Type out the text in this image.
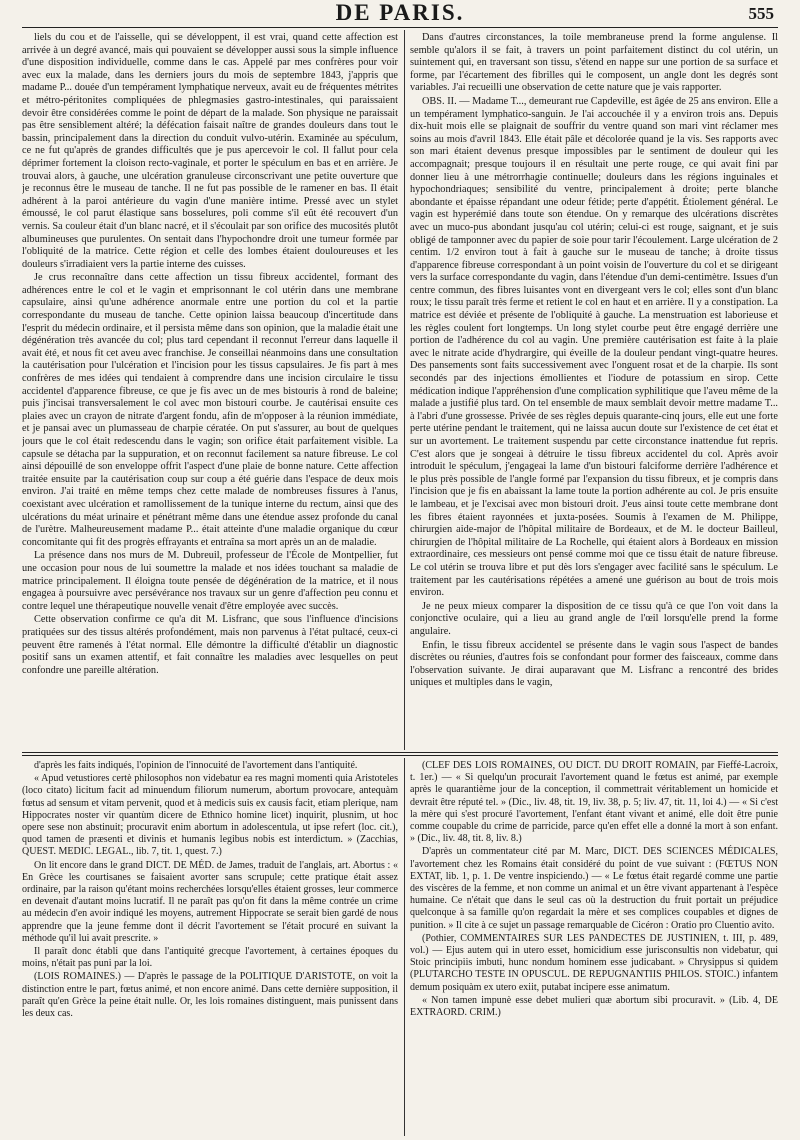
DE PARIS.	555

liels du cou et de l'aisselle, qui se développent, il est vrai, quand cette affection est arrivée à un degré avancé, mais qui pouvaient se développer aussi sous la simple influence d'une disposition individuelle, comme dans le cas. Appelé par mes confrères pour voir avec eux la malade, dans les derniers jours du mois de septembre 1843, j'appris que madame P... douée d'un tempérament lymphatique nerveux, avait eu de fréquentes métrites et métro-péritonites compliquées de phlegmasies gastro-intestinales, qui paraissaient devoir être considérées comme le point de départ de la malade. Son physique ne paraissait pas être sensiblement altéré; la défécation faisait naître de grandes douleurs dans tout le bassin, principalement dans la direction du conduit vulvo-utérin. Examinée au spéculum, ce ne fut qu'après de grandes difficultés que je pus apercevoir le col. Il fallut pour cela déprimer fortement la cloison recto-vaginale, et porter le spéculum en bas et en arrière. Je trouvai alors, à gauche, une ulcération granuleuse circonscrivant une petite ouverture que je reconnus être le museau de tanche. Il ne fut pas possible de le ramener en bas. Il était adhérent à la paroi antérieure du vagin d'une manière intime. Pressé avec un stylet émoussé, le col parut élastique sans bosselures, poli comme s'il eût été recouvert d'un vernis. Sa couleur était d'un blanc nacré, et il s'écoulait par son orifice des mucosités plutôt albumineuses que purulentes. On sentait dans l'hypochondre droit une tumeur formée par l'obliquité de la matrice. Cette région et celle des lombes étaient douloureuses et les douleurs s'irradiaient vers la partie interne des cuisses.

Je crus reconnaître dans cette affection un tissu fibreux accidentel, formant des adhérences entre le col et le vagin et emprisonnant le col utérin dans une membrane capsulaire, ainsi qu'une adhérence anormale entre une portion du col et la partie correspondante du museau de tanche. Cette opinion laissa beaucoup d'incertitude dans l'esprit du médecin ordinaire, et il persista même dans son opinion, que la maladie était une dégénération très avancée du col; plus tard cependant il reconnut l'erreur dans laquelle il avait été, et nous fit cet aveu avec franchise. Je conseillai néanmoins dans une consultation la cautérisation pour l'ulcération et l'incision pour les tissus capsulaires. Je fis part à mes confrères de mes idées qui tendaient à comprendre dans une incision circulaire le tissu accidentel d'apparence fibreuse, ce que je fis avec un de mes bistouris à rond de baleine; puis j'incisai transversalement le col avec mon bistouri courbe. Je cautérisai ensuite ces plaies avec un crayon de nitrate d'argent fondu, afin de m'opposer à la réunion immédiate, et je pansai avec un plumasseau de charpie cératée. On put s'assurer, au bout de quelques jours que le col était redescendu dans le vagin; son orifice était parfaitement visible. La capsule se détacha par la suppuration, et on reconnut facilement sa nature fibreuse. Le col ainsi dépouillé de son enveloppe offrit l'aspect d'une plaie de bonne nature. Cette affection traitée ensuite par la cautérisation coup sur coup a été guérie dans l'espace de deux mois environ. J'ai traité en même temps chez cette malade de nombreuses fissures à l'anus, coexistant avec ulcération et ramollissement de la tunique interne du rectum, ainsi que des ulcérations du méat urinaire et pénétrant même dans une étendue assez profonde du canal de l'urètre. Malheureusement madame P... était atteinte d'une maladie organique du cœur concomitante qui fit des progrès effrayants et entraîna sa mort après un an de maladie.

La présence dans nos murs de M. Dubreuil, professeur de l'École de Montpellier, fut une occasion pour nous de lui soumettre la malade et nos idées touchant sa maladie de matrice principalement. Il éloigna toute pensée de dégénération de la matrice, et il nous engagea à poursuivre avec persévérance nos travaux sur un genre d'affection peu connu et contre lequel une thérapeutique nouvelle venait d'être employée avec succès.

Cette observation confirme ce qu'a dit M. Lisfranc, que sous l'influence d'incisions pratiquées sur des tissus altérés profondément, mais non parvenus à l'état pultacé, ceux-ci peuvent être ramenés à l'état normal. Elle démontre la difficulté d'établir un diagnostic positif sans un examen attentif, et fait connaître les maladies avec lesquelles on peut confondre une pareille altération.

Dans d'autres circonstances, la toile membraneuse prend la forme angulense. Il semble qu'alors il se fait, à travers un point parfaitement distinct du col utérin, un suintement qui, en traversant son tissu, s'étend en nappe sur une portion de sa surface et forme, par l'écartement des fibrilles qui le composent, un angle dont les degrés sont variables. J'ai recueilli une observation de cette nature que je vais rapporter.

OBS. II. — Madame T..., demeurant rue Capdeville, est âgée de 25 ans environ. Elle a un tempérament lymphatico-sanguin. Je l'ai accouchée il y a environ trois ans. Depuis dix-huit mois elle se plaignait de souffrir du ventre quand son mari vint réclamer mes soins au mois d'avril 1843. Elle était pâle et décolorée quand je la vis. Ses rapports avec son mari étaient devenus presque impossibles par le sentiment de douleur qui les accompagnait; presque toujours il en résultait une perte rouge, ce qui avait fini par donner lieu à une métrorrhagie continuelle; douleurs dans les régions inguinales et hypochondriaques; sensibilité du ventre, principalement à droite; perte blanche abondante et épaisse répandant une odeur fétide; perte d'appétit. Étiolement général. Le vagin est hyperémié dans toute son étendue. On y remarque des ulcérations discrètes avec un muco-pus abondant jusqu'au col utérin; celui-ci est rouge, saignant, et je suis obligé de tamponner avec du papier de soie pour tarir l'écoulement. Large ulcération de 2 centim. 1/2 environ tout à fait à gauche sur le museau de tanche; à droite tissus d'apparence fibreuse correspondant à un point voisin de l'ouverture du col et se dirigeant vers la surface correspondante du vagin, dans l'étendue d'un demi-centimètre. Issues d'un centre commun, des fibres luisantes vont en divergeant vers le col; elles sont d'un blanc roux; le tissu paraît très ferme et retient le col en haut et en arrière. Il y a constipation. La matrice est déviée et présente de l'obliquité à gauche. La menstruation est laborieuse et les règles coulent fort longtemps. Un long stylet courbe peut être engagé derrière une portion de l'adhérence du col au vagin. Une première cautérisation est faite à la plaie avec le nitrate acide d'hydrargire, qui éveille de la douleur pendant vingt-quatre heures. Des pansements sont faits successivement avec l'onguent rosat et de la charpie. Ils sont secondés par des injections émollientes et l'iodure de potassium en sirop. Cette médication indique l'appréhension d'une complication syphilitique que l'aveu même de la malade a justifié plus tard. On tel ensemble de maux semblait devoir mettre madame T... à l'abri d'une grossesse. Privée de ses règles depuis quarante-cinq jours, elle eut une forte perte utérine pendant le traitement, qui ne laissa aucun doute sur l'existence de cet état et sur un avortement. Le traitement suspendu par cette circonstance inattendue fut repris. C'est alors que je songeai à détruire le tissu fibreux accidentel du col. Après avoir introduit le spéculum, j'engageai la lame d'un bistouri falciforme derrière l'adhérence et le plus près possible de l'angle formé par l'expansion du tissu fibreux, et je compris dans l'incision que je fis en abaissant la lame toute la portion adhérente au col. Je pris ensuite le lambeau, et je l'excisai avec mon bistouri droit. J'eus ainsi toute cette membrane dont les fibres étaient rayonnées et juxta-posées. Soumis à l'examen de M. Philippe, chirurgien aide-major de l'hôpital militaire de Bordeaux, et de M. le docteur Bailleul, chirurgien de l'hôpital militaire de La Rochelle, qui étaient alors à Bordeaux en mission extraordinaire, ces messieurs ont pensé comme moi que ce tissu était de nature fibreuse. Le col utérin se trouva libre et put dès lors s'engager avec facilité sans le spéculum. Le traitement par les cautérisations répétées a amené une guérison au bout de trois mois environ.

Je ne peux mieux comparer la disposition de ce tissu qu'à ce que l'on voit dans la conjonctive oculaire, qui a lieu au grand angle de l'œil lorsqu'elle prend la forme angulaire.

Enfin, le tissu fibreux accidentel se présente dans le vagin sous l'aspect de bandes discrètes ou réunies, d'autres fois se confondant pour former des faisceaux, comme dans l'observation suivante. Je dirai auparavant que M. Lisfranc a rencontré des brides uniques et multiples dans le vagin,

d'après les faits indiqués, l'opinion de l'innocuité de l'avortement dans l'antiquité.

« Apud vetustiores certè philosophos non videbatur ea res magni momenti quia Aristoteles (loco citato) licitum facit ad minuendum filiorum numerum, abortum provocare, antequàm fœtus ad sensum et vitam pervenit, quod et à medicis suis ex causis facit, etiam plerique, nam Hippocrates noster vir quantùm dicere de Ethnico homine licet) inquirit, plusnim, ut hoc opere sese non abstinuit; procuravit enim abortum in adolescentula, ut ipse refert (loc. cit.), quod tamen de præsenti et divinis et humanis legibus nobis est interdictum. » (Zacchias, QUEST. MEDIC. LEGAL., lib. 7, tit. 1, quest. 7.)

On lit encore dans le grand DICT. DE MÉD. de James, traduit de l'anglais, art. Abortus : « En Grèce les courtisanes se faisaient avorter sans scrupule; cette pratique était assez ordinaire, par la raison qu'étant moins recherchées lorsqu'elles étaient grosses, leur commerce en devenait d'autant moins lucratif. Il ne paraît pas qu'on fit dans la même contrée un crime au médecin d'en avoir indiqué les moyens, autrement Hippocrate se serait bien gardé de nous apprendre que la jeune femme dont il décrit l'avortement se l'était procuré en suivant la méthode qu'il lui avait prescrite. »

Il paraît donc établi que dans l'antiquité grecque l'avortement, à certaines époques du moins, n'était pas puni par la loi.

(LOIS ROMAINES.) — D'après le passage de la POLITIQUE D'ARISTOTE, on voit la distinction entre le part, fœtus animé, et non encore animé. Dans cette dernière supposition, il paraît qu'en Grèce la peine était nulle. Or, les lois romaines distinguent, mais punissent dans les deux cas.

(CLEF DES LOIS ROMAINES, OU DICT. DU DROIT ROMAIN, par Fieffé-Lacroix, t. 1er.) — « Si quelqu'un procurait l'avortement quand le fœtus est animé, par exemple après le quarantième jour de la conception, il commettrait véritablement un homicide et devrait être réputé tel. » (Dic., liv. 48, tit. 19, liv. 38, p. 5; liv. 47, tit. 11, loi 4.) — « Si c'est la mère qui s'est procuré l'avortement, l'enfant étant vivant et animé, elle doit être punie comme coupable du crime de parricide, parce qu'en effet elle a donné la mort à son enfant. » (Dic., liv. 48, tit. 8, liv. 8.)

D'après un commentateur cité par M. Marc, DICT. DES SCIENCES MÉDICALES, l'avortement chez les Romains était considéré du point de vue suivant : (FŒTUS NON EXTAT, lib. 1, p. 1. De ventre inspiciendo.) — « Le fœtus était regardé comme une partie des viscères de la femme, et non comme un animal et un être vivant appartenant à l'espèce humaine. Ce n'était que dans le seul cas où la destruction du fruit portait un préjudice quelconque à sa famille qu'on regardait la mère et ses complices coupables et dignes de punition. » Il cite à ce sujet un passage remarquable de Cicéron : Oratio pro Cluentio avito.

(Pothier, COMMENTAIRES SUR LES PANDECTES DE JUSTINIEN, t. III, p. 489, vol.) — Ejus autem qui in utero esset, homicidium esse jurisconsultis non videbatur, qui Stoic principiis imbuti, hunc nondum hominem esse judicabant. » Chrysippus si quidem (PLUTARCHO TESTE IN OPUSCUL. DE REPUGNANTIIS PHILOS. STOIC.) infantem demum posiquàm ex utero exiit, putabat incipere esse animatum.

« Non tamen impunè esse debet mulieri quæ abortum sibi procuravit. » (Lib. 4, DE EXTRAORD. CRIM.)
